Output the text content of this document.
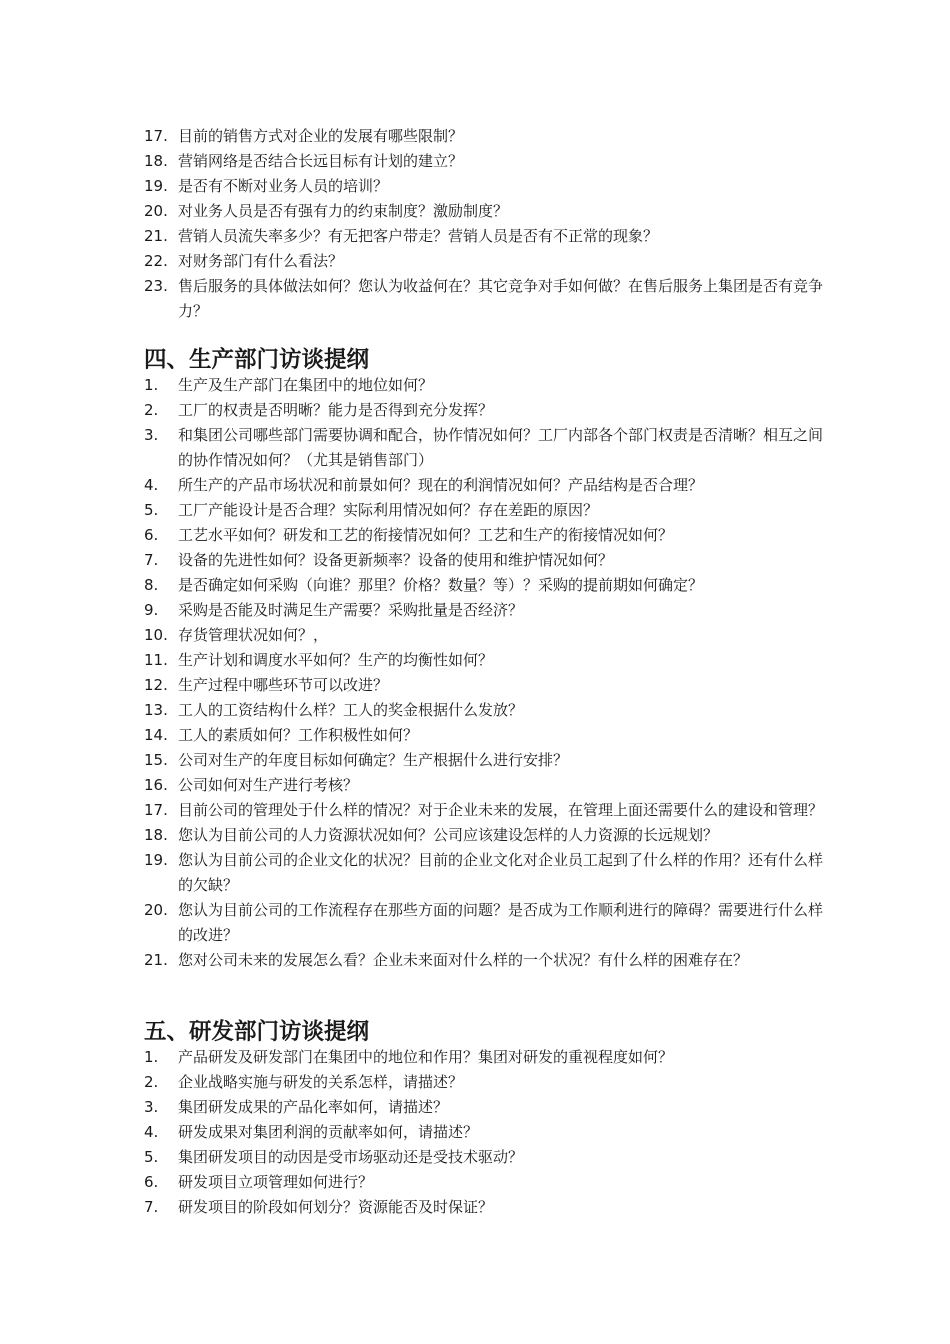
17. 目前的销售方式对企业的发展有哪些限制？
18. 营销网络是否结合长远目标有计划的建立？
19. 是否有不断对业务人员的培训？
20. 对业务人员是否有强有力的约束制度？激励制度？
21. 营销人员流失率多少？有无把客户带走？营销人员是否有不正常的现象？
22. 对财务部门有什么看法？
23. 售后服务的具体做法如何？您认为收益何在？其它竞争对手如何做？在售后服务上集团是否有竞争力？
四、生产部门访谈提纲
1.	生产及生产部门在集团中的地位如何？
2.	工厂的权责是否明晰？能力是否得到充分发挥？
3.	和集团公司哪些部门需要协调和配合，协作情况如何？工厂内部各个部门权责是否清晰？相互之间的协作情况如何？（尤其是销售部门）
4.	所生产的产品市场状况和前景如何？现在的利润情况如何？产品结构是否合理？
5.	工厂产能设计是否合理？实际利用情况如何？存在差距的原因？
6.	工艺水平如何？研发和工艺的衔接情况如何？工艺和生产的衔接情况如何？
7.	设备的先进性如何？设备更新频率？设备的使用和维护情况如何？
8.	是否确定如何采购（向谁？那里？价格？数量？等）？采购的提前期如何确定？
9.	采购是否能及时满足生产需要？采购批量是否经济？
10. 存货管理状况如何？，
11. 生产计划和调度水平如何？生产的均衡性如何？
12. 生产过程中哪些环节可以改进？
13. 工人的工资结构什么样？工人的奖金根据什么发放？
14. 工人的素质如何？工作积极性如何？
15. 公司对生产的年度目标如何确定？生产根据什么进行安排？
16. 公司如何对生产进行考核？
17. 目前公司的管理处于什么样的情况？对于企业未来的发展，在管理上面还需要什么的建设和管理？
18. 您认为目前公司的人力资源状况如何？公司应该建设怎样的人力资源的长远规划？
19. 您认为目前公司的企业文化的状况？目前的企业文化对企业员工起到了什么样的作用？还有什么样的欠缺？
20. 您认为目前公司的工作流程存在那些方面的问题？是否成为工作顺利进行的障碍？需要进行什么样的改进？
21. 您对公司未来的发展怎么看？企业未来面对什么样的一个状况？有什么样的困难存在？
五、研发部门访谈提纲
1.	产品研发及研发部门在集团中的地位和作用？集团对研发的重视程度如何？
2.	企业战略实施与研发的关系怎样，请描述？
3.	集团研发成果的产品化率如何，请描述？
4.	研发成果对集团利润的贡献率如何，请描述？
5.	集团研发项目的动因是受市场驱动还是受技术驱动？
6.	研发项目立项管理如何进行？
7.	研发项目的阶段如何划分？资源能否及时保证？
